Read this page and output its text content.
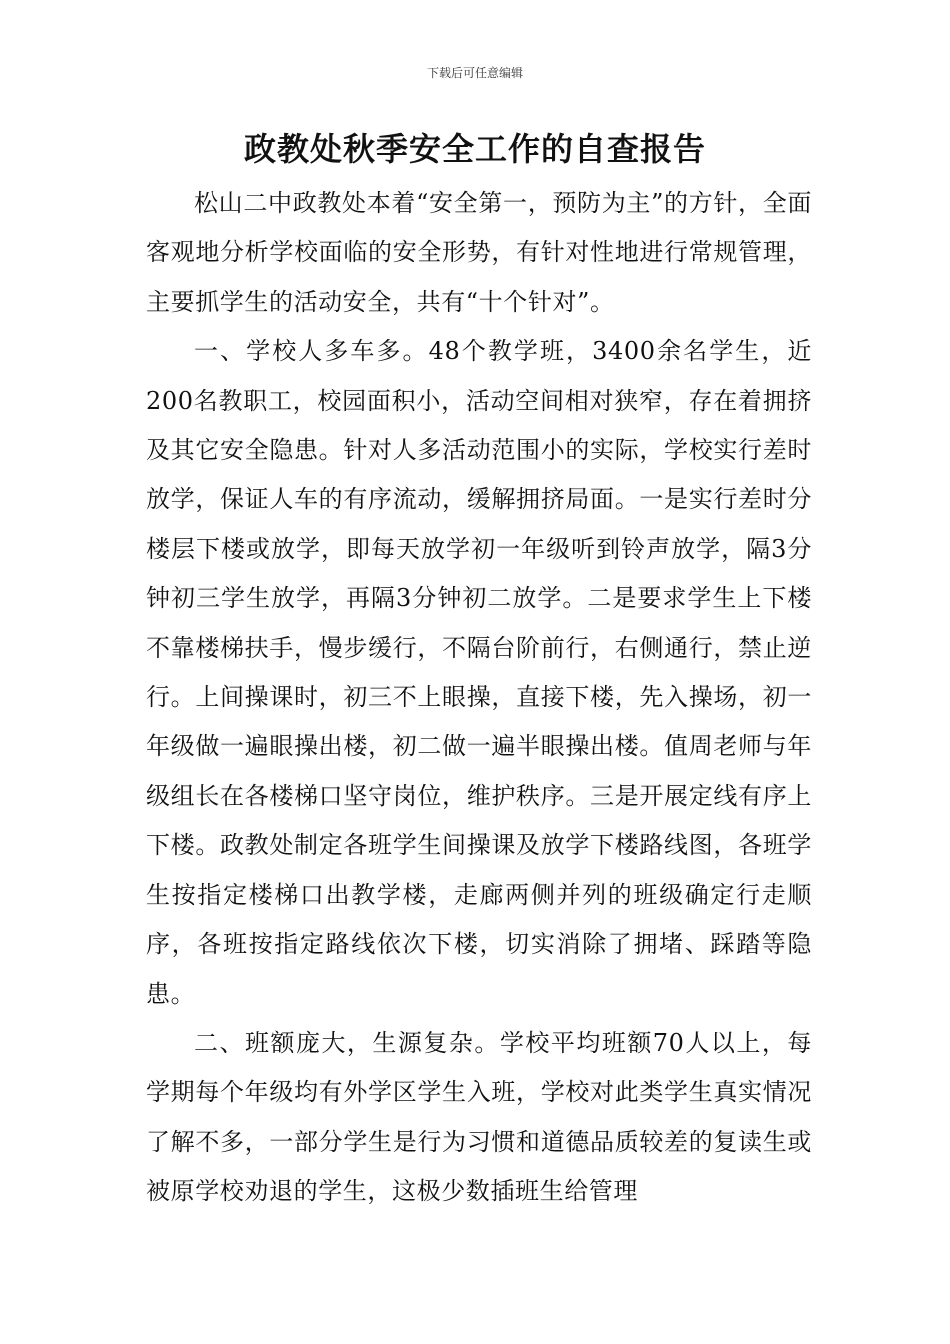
下载后可任意编辑
政教处秋季安全工作的自查报告

松山二中政教处本着“安全第一，预防为主”的方针，全面客观地分析学校面临的安全形势，有针对性地进行常规管理，主要抓学生的活动安全，共有“十个针对”。

一、学校人多车多。48个教学班，3400余名学生，近200名教职工，校园面积小，活动空间相对狭窄，存在着拥挤及其它安全隐患。针对人多活动范围小的实际，学校实行差时放学，保证人车的有序流动，缓解拥挤局面。一是实行差时分楼层下楼或放学，即每天放学初一年级听到铃声放学，隔3分钟初三学生放学，再隔3分钟初二放学。二是要求学生上下楼不靠楼梯扶手，慢步缓行，不隔台阶前行，右侧通行，禁止逆行。上间操课时，初三不上眼操，直接下楼，先入操场，初一年级做一遍眼操出楼，初二做一遍半眼操出楼。值周老师与年级组长在各楼梯口坚守岗位，维护秩序。三是开展定线有序上下楼。政教处制定各班学生间操课及放学下楼路线图，各班学生按指定楼梯口出教学楼，走廊两侧并列的班级确定行走顺序，各班按指定路线依次下楼，切实消除了拥堵、踩踏等隐患。

二、班额庞大，生源复杂。学校平均班额70人以上，每学期每个年级均有外学区学生入班，学校对此类学生真实情况了解不多，一部分学生是行为习惯和道德品质较差的复读生或被原学校劝退的学生，这极少数插班生给管理
